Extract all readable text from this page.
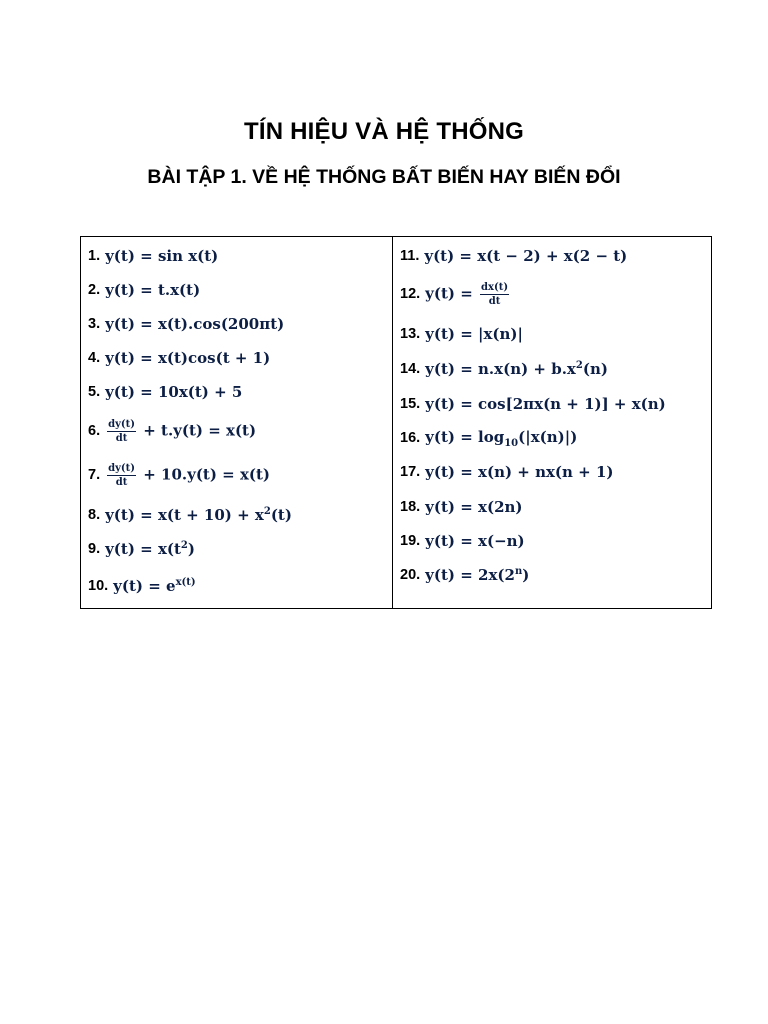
TÍN HIỆU VÀ HỆ THỐNG
BÀI TẬP 1. VỀ HỆ THỐNG BẤT BIẾN HAY BIẾN ĐỔI
1. y(t) = sin x(t)
2. y(t) = t.x(t)
3. y(t) = x(t).cos(200πt)
4. y(t) = x(t)cos(t + 1)
5. y(t) = 10x(t) + 5
6. $\frac{dy(t)}{dt} + t.y(t) = x(t)$
7. $\frac{dy(t)}{dt} + 10.y(t) = x(t)$
8. $y(t) = x(t + 10) + x^2(t)$
9. $y(t) = x(t^2)$
10. $y(t) = e^{x(t)}$
11. y(t) = x(t − 2) + x(2 − t)
12. $y(t) = \frac{dx(t)}{dt}$
13. y(t) = |x(n)|
14. $y(t) = n.x(n) + b.x^2(n)$
15. y(t) = cos[2πx(n + 1)] + x(n)
16. $y(t) = \log_{10}(|x(n)|)$
17. y(t) = x(n) + nx(n + 1)
18. y(t) = x(2n)
19. y(t) = x(−n)
20. $y(t) = 2x(2^n)$
